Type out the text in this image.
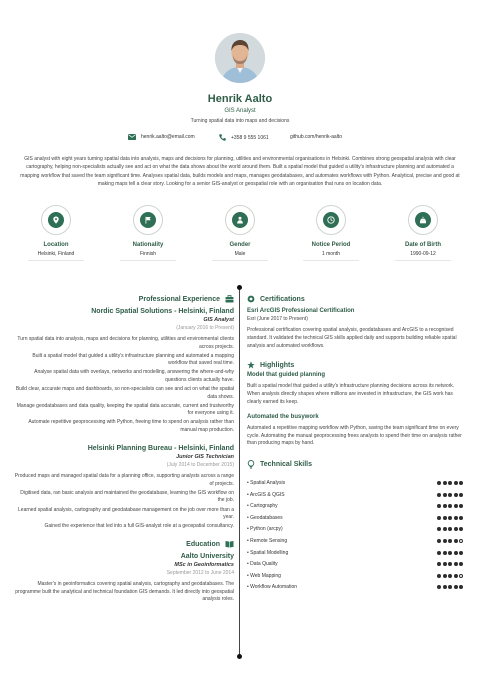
Henrik Aalto
GIS Analyst
Turning spatial data into maps and decisions
henrik.aalto@email.com	+358 9 555 1061	github.com/henrik-aalto

GIS analyst with eight years turning spatial data into analysis, maps and decisions for planning, utilities and environmental organisations in Helsinki. Combines strong geospatial analysis with clear cartography, helping non-specialists actually see and act on what the data shows about the world around them. Built a spatial model that guided a utility's infrastructure planning and automated a mapping workflow that saved the team significant time. Analyses spatial data, builds models and maps, manages geodatabases, and automates workflows with Python. Analytical, precise and good at making maps tell a clear story. Looking for a senior GIS-analyst or geospatial role with an organisation that runs on location data.

Location
Helsinki, Finland
Nationality
Finnish
Gender
Male
Notice Period
1 month
Date of Birth
1990-09-12
Professional Experience
Nordic Spatial Solutions - Helsinki, Finland
GIS Analyst
(January 2016 to Present)
Turn spatial data into analysis, maps and decisions for planning, utilities and environmental clients across projects.
Built a spatial model that guided a utility's infrastructure planning and automated a mapping workflow that saved real time.
Analyse spatial data with overlays, networks and modelling, answering the where-and-why questions clients actually have.
Build clear, accurate maps and dashboards, so non-specialists can see and act on what the spatial data shows.
Manage geodatabases and data quality, keeping the spatial data accurate, current and trustworthy for everyone using it.
Automate repetitive geoprocessing with Python, freeing time to spend on analysis rather than manual map production.
Helsinki Planning Bureau - Helsinki, Finland
Junior GIS Technician
(July 2014 to December 2015)
Produced maps and managed spatial data for a planning office, supporting analysts across a range of projects.
Digitised data, ran basic analysis and maintained the geodatabase, learning the GIS workflow on the job.
Learned spatial analysis, cartography and geodatabase management on the job over more than a year.
Gained the experience that led into a full GIS-analyst role at a geospatial consultancy.
Education
Aalto University
MSc in Geoinformatics
September 2012 to June 2014
Master's in geoinformatics covering spatial analysis, cartography and geodatabases. The programme built the analytical and technical foundation GIS demands. It led directly into geospatial analysis roles.
Certifications
Esri ArcGIS Professional Certification
Esri (June 2017 to Present)
Professional certification covering spatial analysis, geodatabases and ArcGIS to a recognised standard. It validated the technical GIS skills applied daily and supports building reliable spatial analysis and automated workflows.
Highlights
Model that guided planning
Built a spatial model that guided a utility's infrastructure planning decisions across its network. When analysis directly shapes where millions are invested in infrastructure, the GIS work has clearly earned its keep.
Automated the busywork
Automated a repetitive mapping workflow with Python, saving the team significant time on every cycle. Automating the manual geoprocessing frees analysts to spend their time on analysis rather than producing maps by hand.
Technical Skills
• Spatial Analysis
• ArcGIS & QGIS
• Cartography
• Geodatabases
• Python (arcpy)
• Remote Sensing
• Spatial Modelling
• Data Quality
• Web Mapping
• Workflow Automation
